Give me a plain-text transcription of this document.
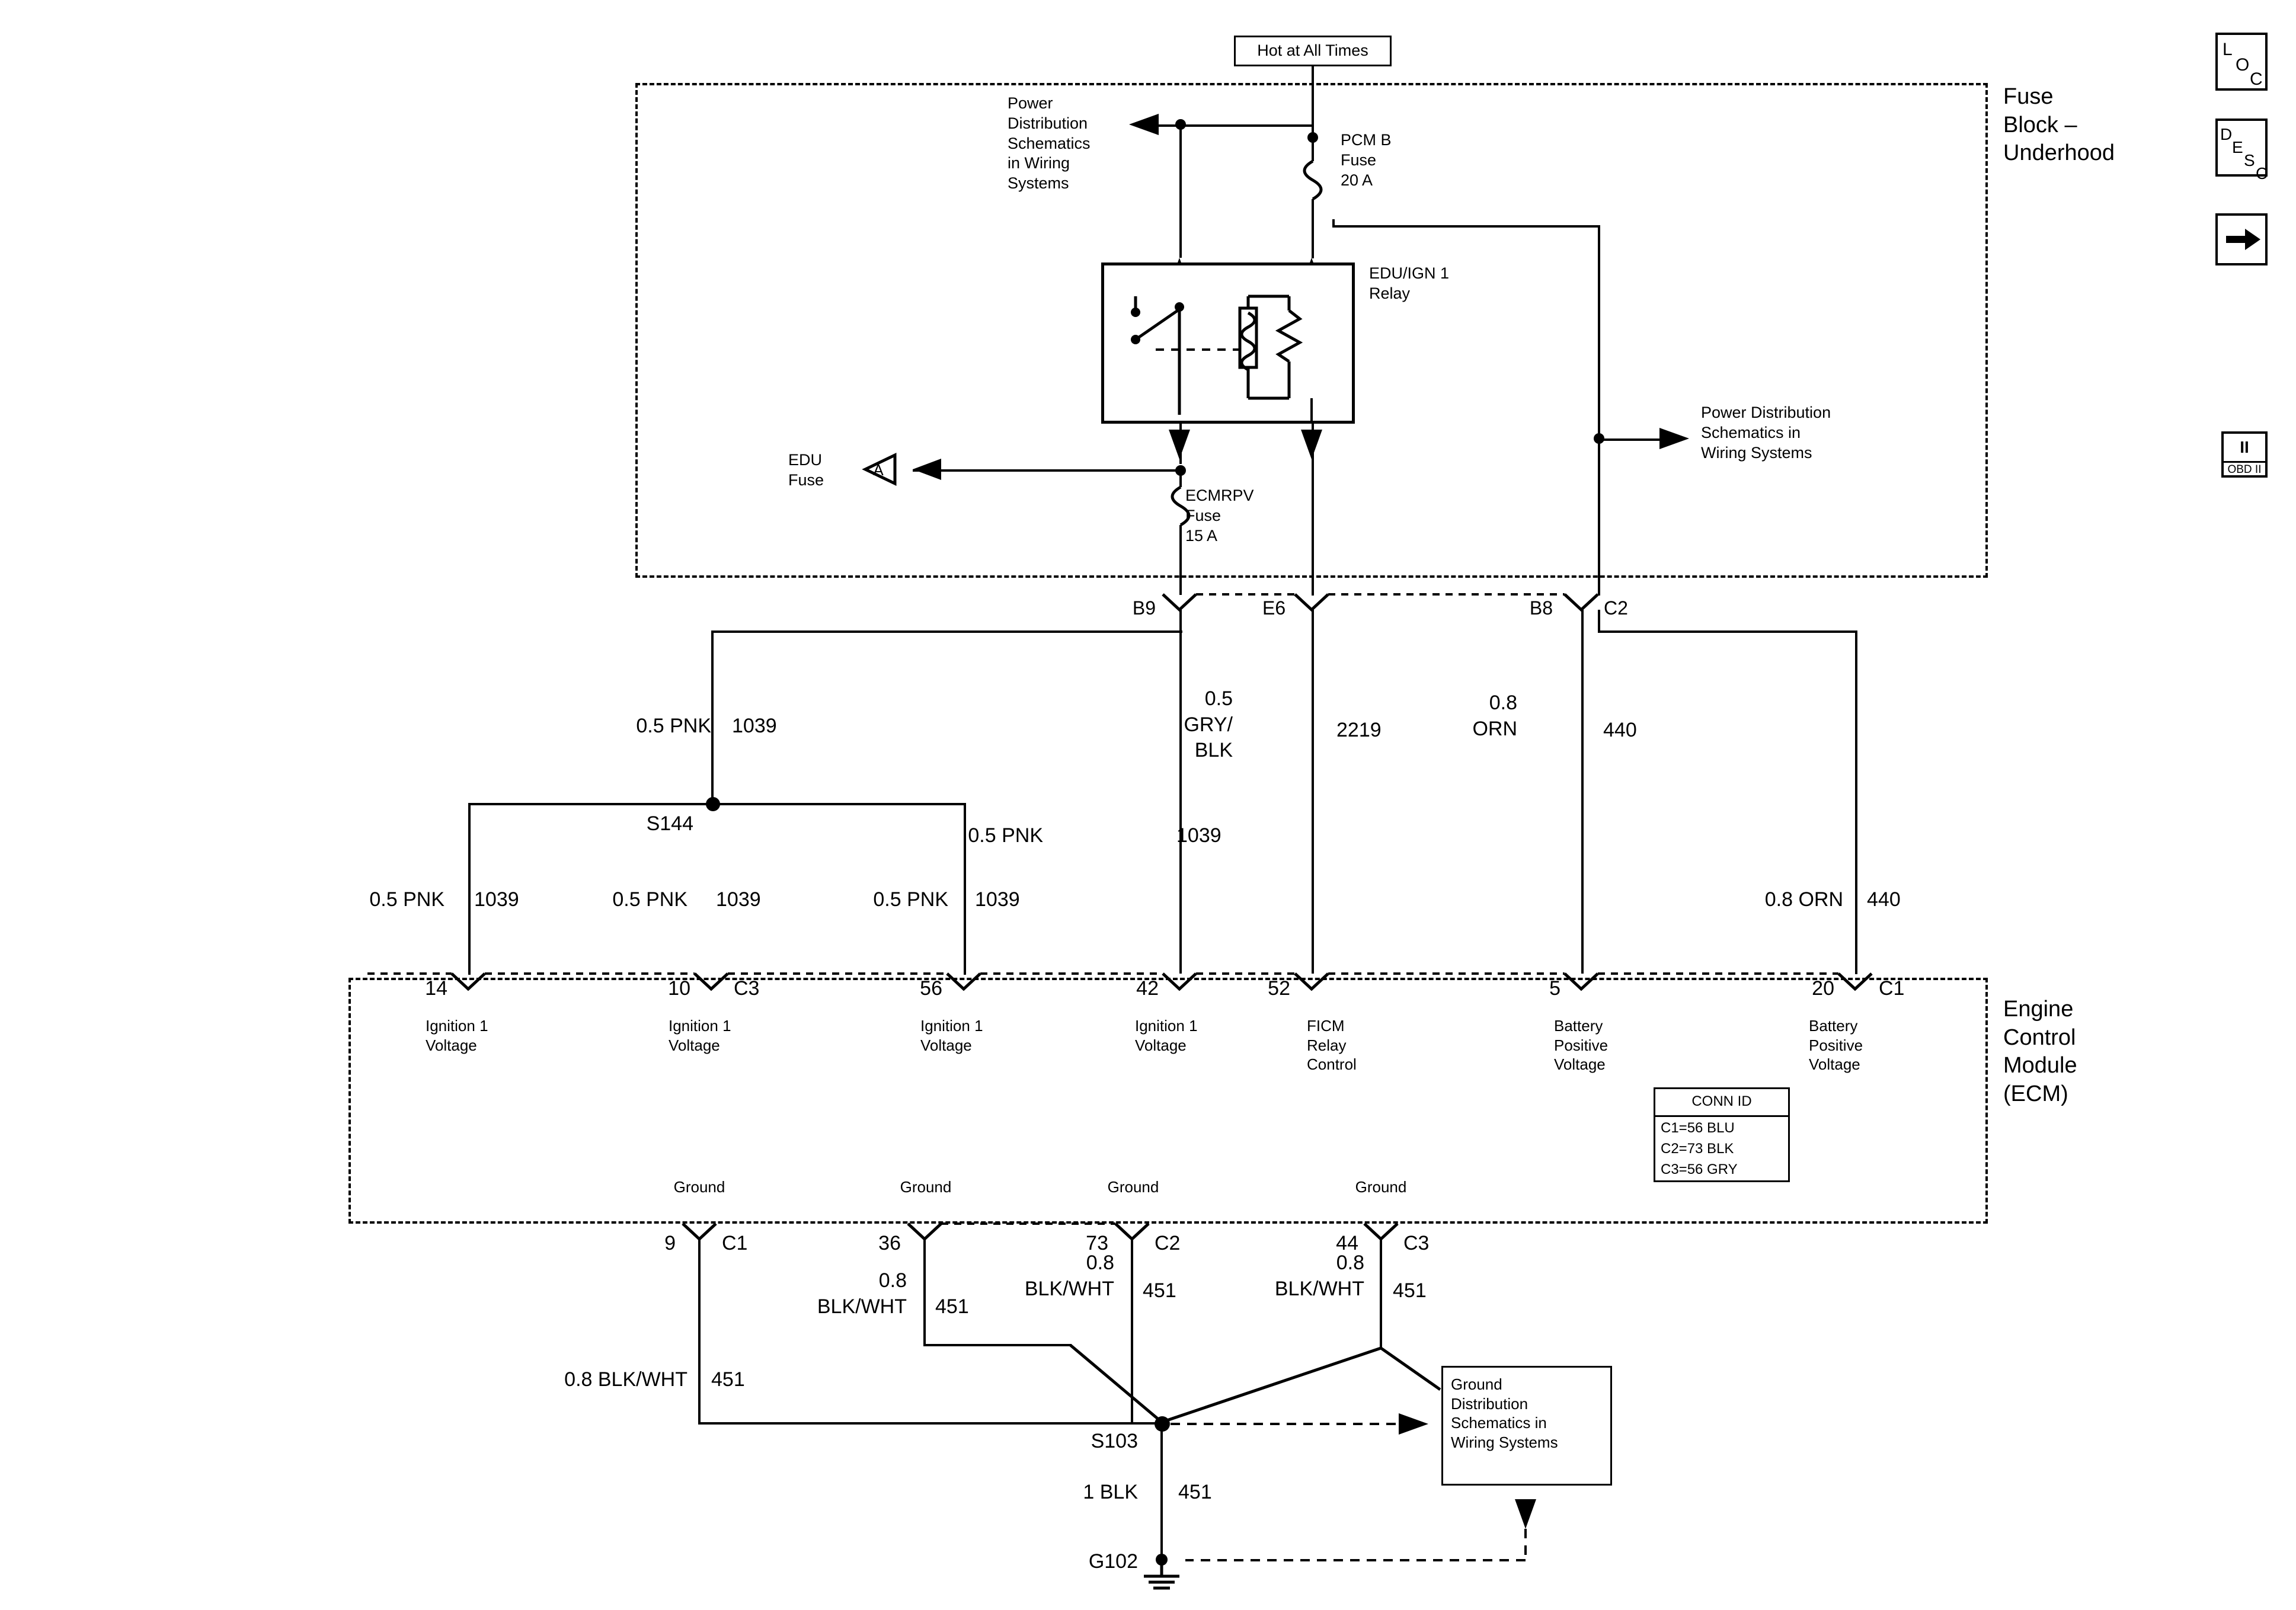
Hot at All Times
Fuse
Block –
Underhood
Power
Distribution
Schematics
in Wiring
Systems
PCM B
Fuse
20 A
EDU/IGN 1
Relay
A
EDU
Fuse
ECMRPV
Fuse
15 A
Power Distribution
Schematics in
Wiring Systems
B9	E6	B8	C2
0.5 PNK 1039
0.5
GRY/
BLK
2219
0.8
ORN	440
S144
0.5 PNK 1039	0.5 PNK 1039	0.5 PNK 1039
0.5 PNK	1039
0.8 ORN 440
Engine
Control
Module
(ECM)
14	10 C3	56	42	52	5	20 C1
Ignition 1
Voltage
Ignition 1
Voltage
Ignition 1
Voltage
Ignition 1
Voltage
FICM
Relay
Control
Battery
Positive
Voltage
Battery
Positive
Voltage
CONN ID
C1=56 BLU
C2=73 BLK
C3=56 GRY
Ground	Ground	Ground	Ground
9 C1	36	73 C2	44 C3
0.8 BLK/WHT 451
0.8
BLK/WHT 451
0.8
BLK/WHT 451
0.8
BLK/WHT 451
S103
Ground
Distribution
Schematics in
Wiring Systems
1 BLK 451
G102
L
O
C
D
E
S
C
II
OBD II
